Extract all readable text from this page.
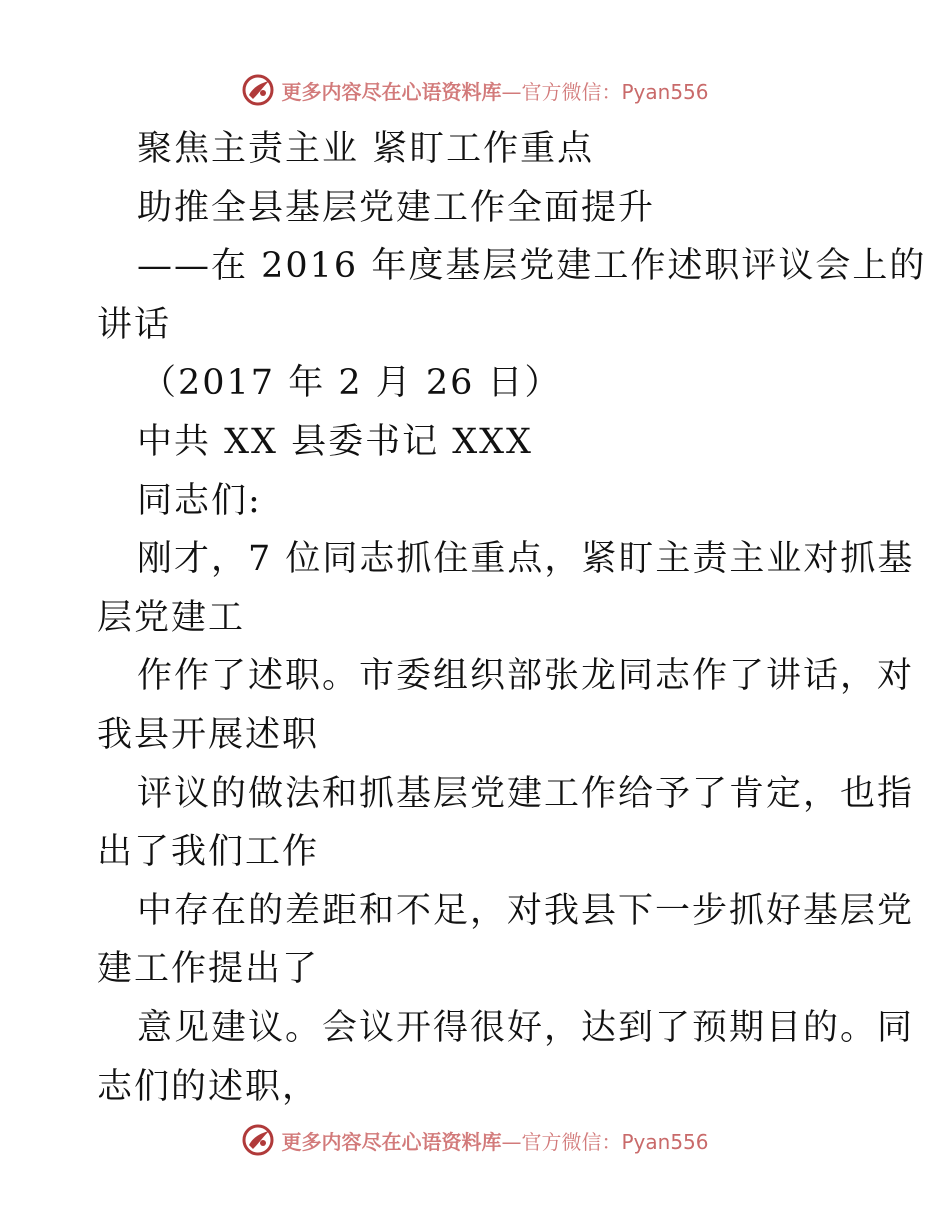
更多内容尽在心语资料库—官方微信：Pyan556
聚焦主责主业 紧盯工作重点
助推全县基层党建工作全面提升
——在 2016 年度基层党建工作述职评议会上的
讲话
（2017 年 2 月 26 日）
中共 XX 县委书记 XXX
同志们:
刚才，7 位同志抓住重点，紧盯主责主业对抓基
层党建工
作作了述职。市委组织部张龙同志作了讲话，对
我县开展述职
评议的做法和抓基层党建工作给予了肯定，也指
出了我们工作
中存在的差距和不足，对我县下一步抓好基层党
建工作提出了
意见建议。会议开得很好，达到了预期目的。同
志们的述职，
更多内容尽在心语资料库—官方微信：Pyan556
